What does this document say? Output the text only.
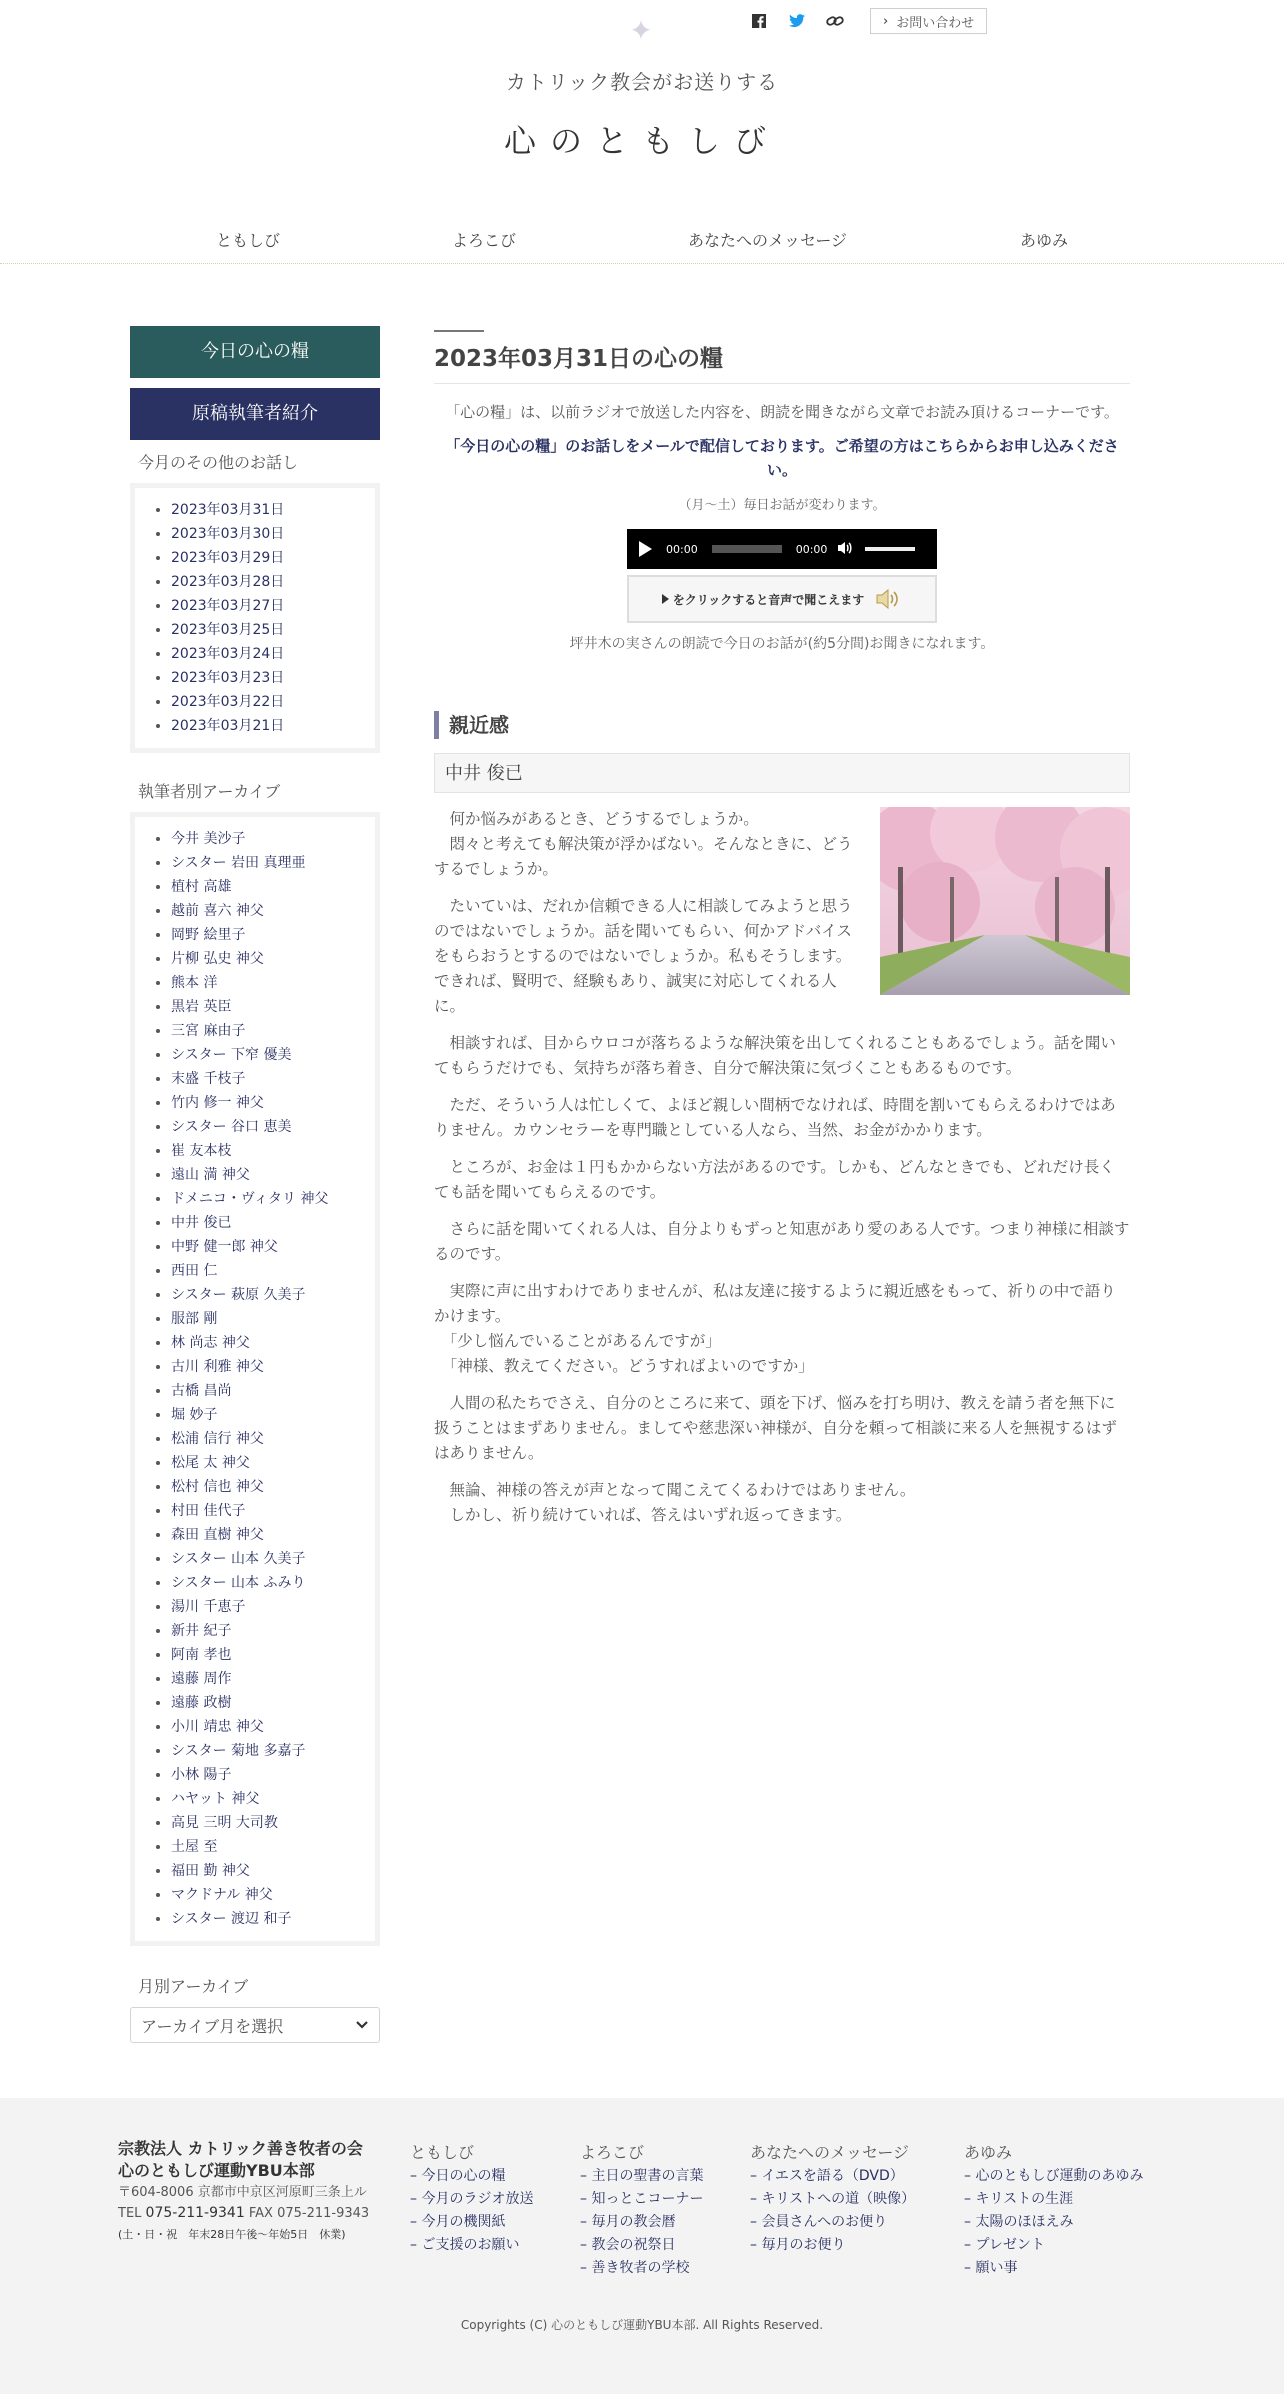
✦	› お問い合わせ
カトリック教会がお送りする
心のともしび
ともしび	よろこび	あなたへのメッセージ	あゆみ
今日の心の糧
原稿執筆者紹介
今月のその他のお話し
• 2023年03月31日
• 2023年03月30日
• 2023年03月29日
• 2023年03月28日
• 2023年03月27日
• 2023年03月25日
• 2023年03月24日
• 2023年03月23日
• 2023年03月22日
• 2023年03月21日
執筆者別アーカイブ
• 今井 美沙子
• シスター 岩田 真理亜
• 植村 高雄
• 越前 喜六 神父
• 岡野 絵里子
• 片柳 弘史 神父
• 熊本 洋
• 黒岩 英臣
• 三宮 麻由子
• シスター 下窄 優美
• 末盛 千枝子
• 竹内 修一 神父
• シスター 谷口 恵美
• 崔 友本枝
• 遠山 満 神父
• ドメニコ・ヴィタリ 神父
• 中井 俊已
• 中野 健一郎 神父
• 西田 仁
• シスター 萩原 久美子
• 服部 剛
• 林 尚志 神父
• 古川 利雅 神父
• 古橋 昌尚
• 堀 妙子
• 松浦 信行 神父
• 松尾 太 神父
• 松村 信也 神父
• 村田 佳代子
• 森田 直樹 神父
• シスター 山本 久美子
• シスター 山本 ふみり
• 湯川 千恵子
• 新井 紀子
• 阿南 孝也
• 遠藤 周作
• 遠藤 政樹
• 小川 靖忠 神父
• シスター 菊地 多嘉子
• 小林 陽子
• ハヤット 神父
• 高見 三明 大司教
• 土屋 至
• 福田 勤 神父
• マクドナル 神父
• シスター 渡辺 和子
月別アーカイブ
アーカイブ月を選択
2023年03月31日の心の糧
「心の糧」は、以前ラジオで放送した内容を、朗読を聞きながら文章でお読み頂けるコーナーです。
「今日の心の糧」のお話しをメールで配信しております。ご希望の方はこちらからお申し込みください。
（月～土）毎日お話が変わります。
00:00	00:00
をクリックすると音声で聞こえます
坪井木の実さんの朗読で今日のお話が(約5分間)お聞きになれます。
親近感
中井 俊已

何か悩みがあるとき、どうするでしょうか。
　悶々と考えても解決策が浮かばない。そんなときに、どうするでしょうか。

たいていは、だれか信頼できる人に相談してみようと思うのではないでしょうか。話を聞いてもらい、何かアドバイスをもらおうとするのではないでしょうか。私もそうします。できれば、賢明で、経験もあり、誠実に対応してくれる人に。

相談すれば、目からウロコが落ちるような解決策を出してくれることもあるでしょう。話を聞いてもらうだけでも、気持ちが落ち着き、自分で解決策に気づくこともあるものです。

ただ、そういう人は忙しくて、よほど親しい間柄でなければ、時間を割いてもらえるわけではありません。カウンセラーを専門職としている人なら、当然、お金がかかります。

ところが、お金は１円もかからない方法があるのです。しかも、どんなときでも、どれだけ長くても話を聞いてもらえるのです。

さらに話を聞いてくれる人は、自分よりもずっと知恵があり愛のある人です。つまり神様に相談するのです。

実際に声に出すわけでありませんが、私は友達に接するように親近感をもって、祈りの中で語りかけます。
　「少し悩んでいることがあるんですが」
　「神様、教えてください。どうすればよいのですか」

人間の私たちでさえ、自分のところに来て、頭を下げ、悩みを打ち明け、教えを請う者を無下に扱うことはまずありません。ましてや慈悲深い神様が、自分を頼って相談に来る人を無視するはずはありません。

無論、神様の答えが声となって聞こえてくるわけではありません。
　しかし、祈り続けていれば、答えはいずれ返ってきます。

宗教法人 カトリック善き牧者の会
心のともしび運動YBU本部
〒604-8006 京都市中京区河原町三条上ル
TEL 075-211-9341 FAX 075-211-9343
(土・日・祝　年末28日午後～年始5日　休業)
ともしび
– 今日の心の糧
– 今月のラジオ放送
– 今月の機関紙
– ご支援のお願い
よろこび
– 主日の聖書の言葉
– 知っとこコーナー
– 毎月の教会暦
– 教会の祝祭日
– 善き牧者の学校
あなたへのメッセージ
– イエスを語る（DVD）
– キリストへの道（映像）
– 会員さんへのお便り
– 毎月のお便り
あゆみ
– 心のともしび運動のあゆみ
– キリストの生涯
– 太陽のほほえみ
– プレゼント
– 願い事
Copyrights (C) 心のともしび運動YBU本部. All Rights Reserved.
